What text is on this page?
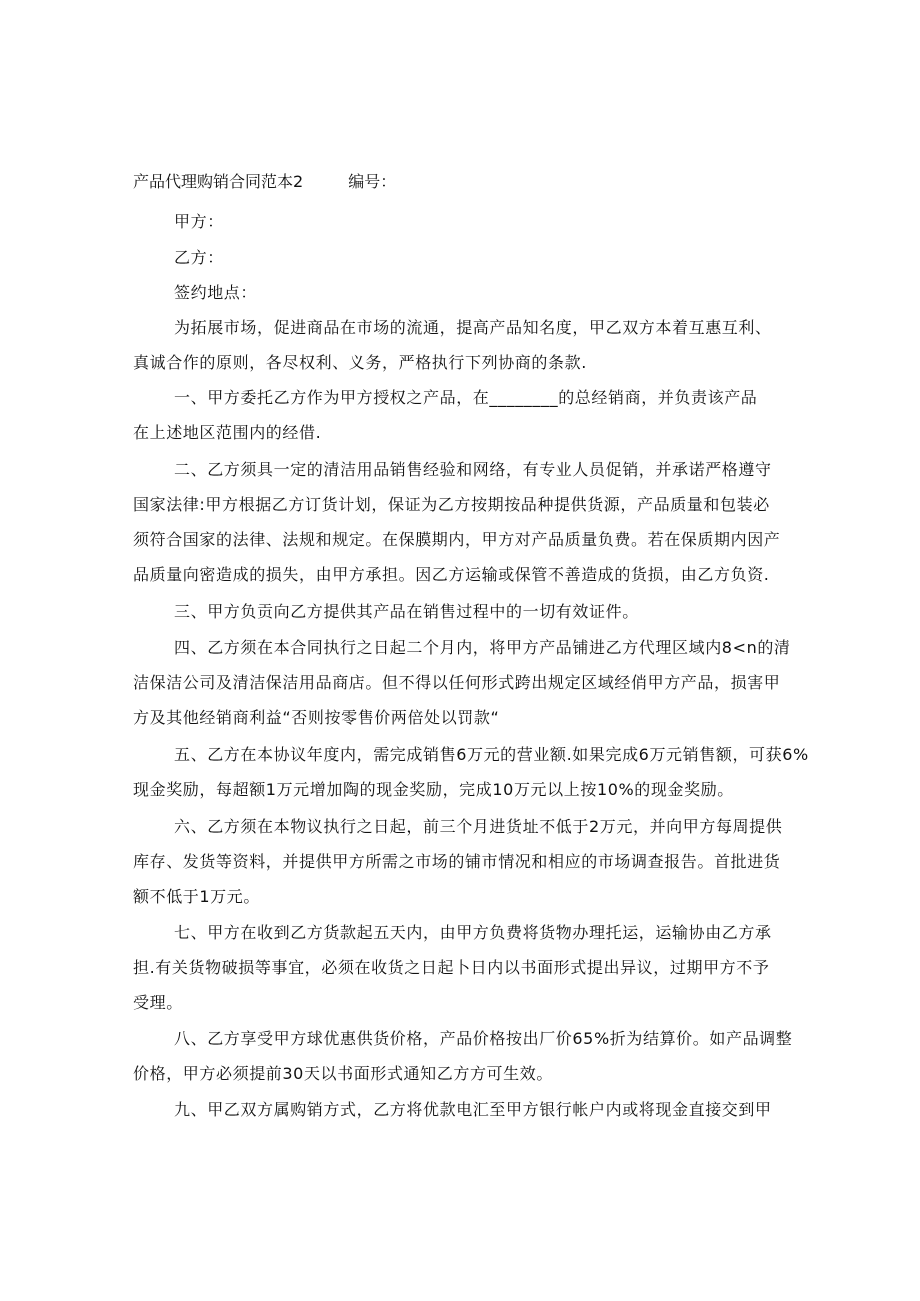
产品代理购销合同范本2	编号：

甲方：

乙方：

签约地点：

为拓展市场，促进商品在市场的流通，提高产品知名度，甲乙双方本着互惠互利、

真诚合作的原则，各尽权利、义务，严格执行下列协商的条款.

一、甲方委托乙方作为甲方授权之产品，在________的总经销商，并负责该产品

在上述地区范围内的经借.

二、乙方须具一定的清洁用品销售经验和网络，有专业人员促销，并承诺严格遵守

国家法律:甲方根据乙方订货计划，保证为乙方按期按品种提供货源，产品质量和包装必

须符合国家的法律、法规和规定。在保膜期内，甲方对产品质量负费。若在保质期内因产

品质量向密造成的损失，由甲方承担。因乙方运输或保管不善造成的货损，由乙方负资.

三、甲方负贡向乙方提供其产品在销售过程中的一切有效证件。

四、乙方须在本合同执行之日起二个月内，将甲方产品铺进乙方代理区域内8<n的清

洁保洁公司及清洁保洁用品商店。但不得以任何形式跨出规定区域经俏甲方产品，损害甲

方及其他经销商利益“否则按零售价两倍处以罚款“

五、乙方在本协议年度内，需完成销售6万元的营业额.如果完成6万元销售额，可获6%

现金奖励，每超额1万元增加陶的现金奖励，完成10万元以上按10%的现金奖励。

六、乙方须在本物议执行之日起，前三个月进货址不低于2万元，并向甲方每周提供

库存、发货等资料，并提供甲方所需之市场的铺市情况和相应的市场调查报告。首批进货

额不低于1万元。

七、甲方在收到乙方货款起五天内，由甲方负费将货物办理托运，运输协由乙方承

担.有关货物破损等事宜，必须在收货之日起卜日内以书面形式提出异议，过期甲方不予

受理。

八、乙方享受甲方球优惠供货价格，产品价格按出厂价65%折为结算价。如产品调整

价格，甲方必须提前30天以书面形式通知乙方方可生效。

九、甲乙双方属购销方式，乙方将优款电汇至甲方银行帐户内或将现金直接交到甲
